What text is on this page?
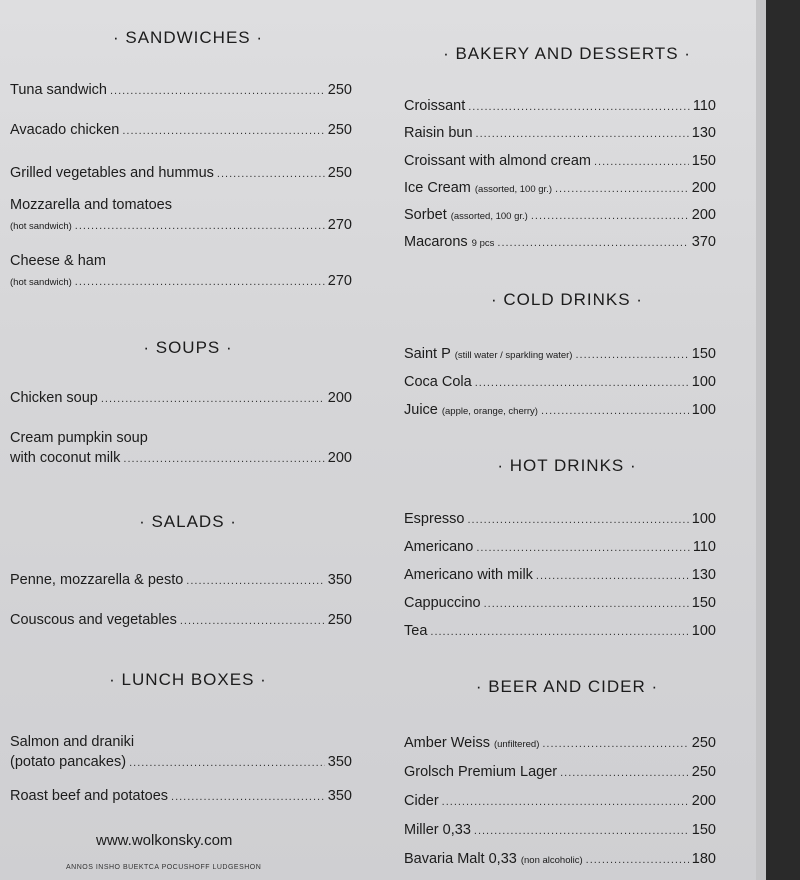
· SANDWICHES ·
Tuna sandwich .....	250
Avacado chicken .....	250
Grilled vegetables and hummus .....	250
Mozzarella and tomatoes
(hot sandwich) .....	270
Cheese & ham
(hot sandwich) .....	270
· SOUPS ·
Chicken soup .....	200
Cream pumpkin soup
with coconut milk .....	200
· SALADS ·
Penne, mozzarella & pesto .....	350
Couscous and vegetables .....	250
· LUNCH BOXES ·
Salmon and draniki
(potato pancakes) .....	350
Roast beef and potatoes .....	350
www.wolkonsky.com
ANNOS INSHO BUEKTCA POCUSHOFF LUDGESHON
· BAKERY AND DESSERTS ·
Croissant .....	110
Raisin bun .....	130
Croissant with almond cream .....	150
Ice Cream (assorted, 100 gr.) .....	200
Sorbet (assorted, 100 gr.) .....	200
Macarons 9 pcs .....	370
· COLD DRINKS ·
Saint P (still water / sparkling water) .....	150
Coca Cola .....	100
Juice (apple, orange, cherry) .....	100
· HOT DRINKS ·
Espresso .....	100
Americano .....	110
Americano with milk .....	130
Cappuccino .....	150
Tea .....	100
· BEER AND CIDER ·
Amber Weiss (unfiltered) .....	250
Grolsch Premium Lager .....	250
Cider .....	200
Miller 0,33 .....	150
Bavaria Malt 0,33 (non alcoholic) .....	180
